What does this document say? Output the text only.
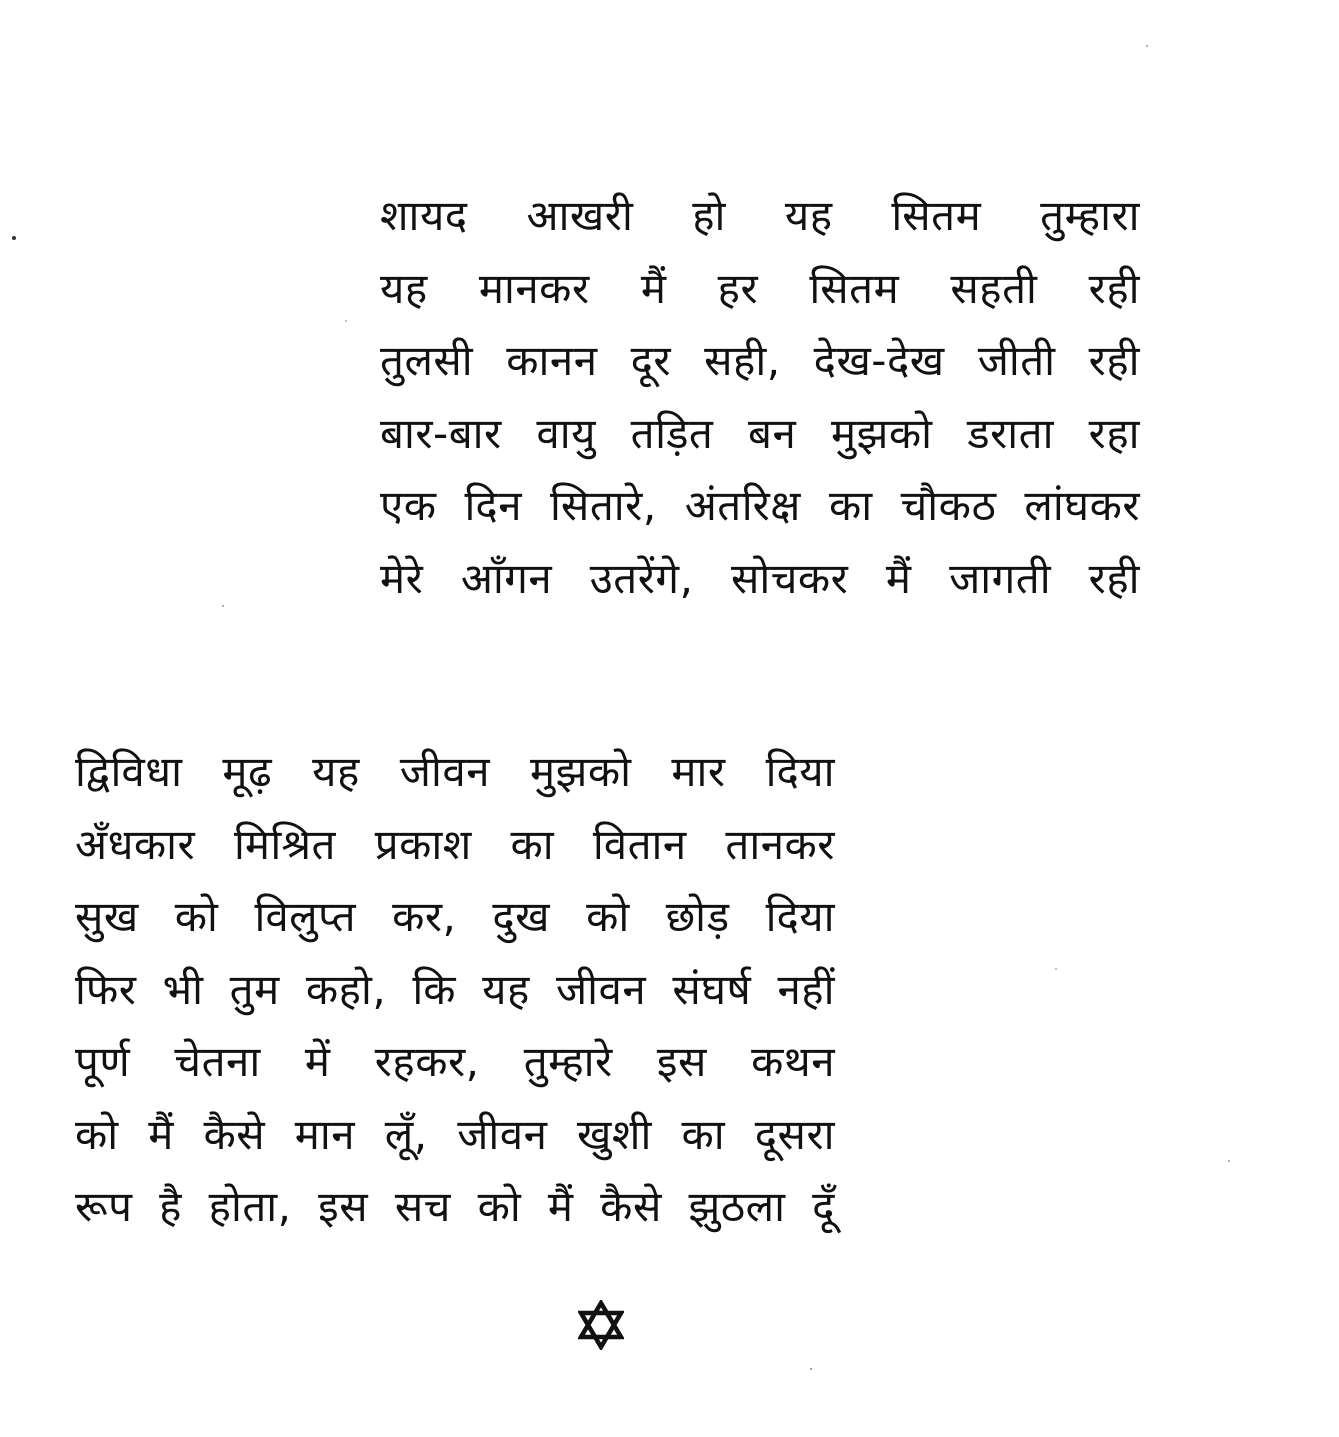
शायद आखरी हो यह सितम तुम्हारा
यह मानकर मैं हर सितम सहती रही
तुलसी कानन दूर सही, देख-देख जीती रही
बार-बार वायु तड़ित बन मुझको डराता रहा
एक दिन सितारे, अंतरिक्ष का चौकठ लांघकर
मेरे आँगन उतरेंगे, सोचकर मैं जागती रही
द्विविधा मूढ़ यह जीवन मुझको मार दिया
अँधकार मिश्रित प्रकाश का वितान तानकर
सुख को विलुप्त कर, दुख को छोड़ दिया
फिर भी तुम कहो, कि यह जीवन संघर्ष नहीं
पूर्ण चेतना में रहकर, तुम्हारे इस कथन
को मैं कैसे मान लूँ, जीवन खुशी का दूसरा
रूप है होता, इस सच को मैं कैसे झुठला दूँ
